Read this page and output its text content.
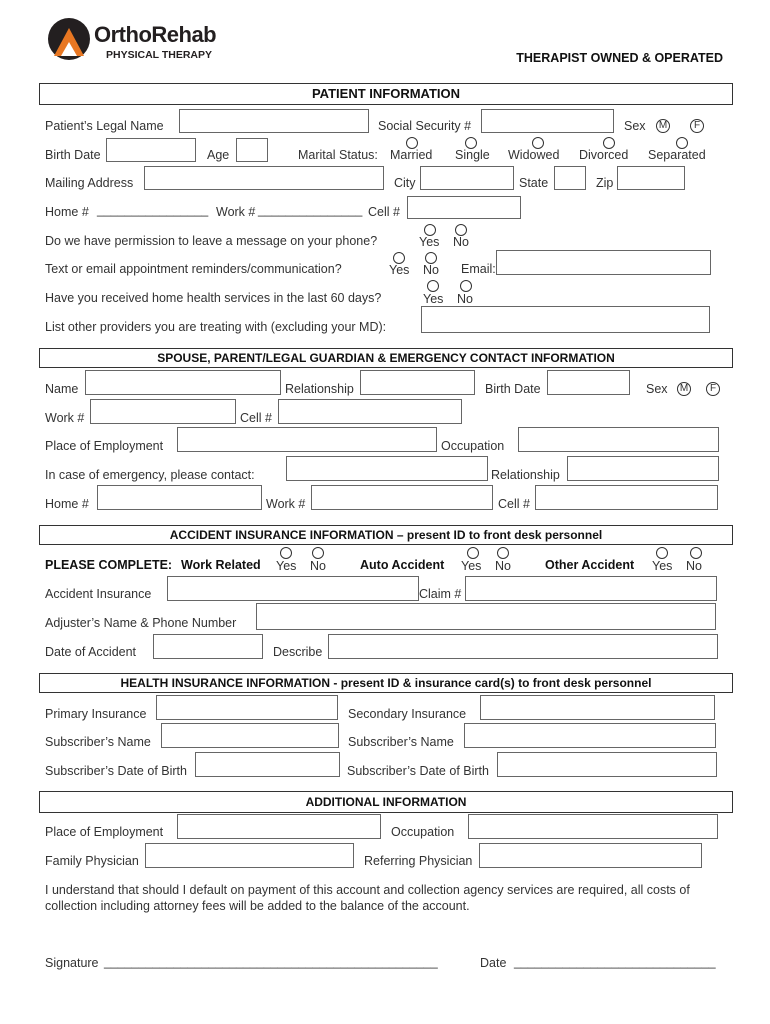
OrthoRehab
PHYSICAL THERAPY	THERAPIST OWNED & OPERATED
PATIENT INFORMATION
Patient’s Legal Name	Social Security #	Sex M	F
Birth Date	Age	Marital Status: Married Single Widowed Divorced Separated
Mailing Address	City	State	Zip
Home # ________________ Work # _______________ Cell #
Do we have permission to leave a message on your phone?	Yes No
Text or email appointment reminders/communication?	Yes No Email:
Have you received home health services in the last 60 days?	Yes No
List other providers you are treating with (excluding your MD):
SPOUSE, PARENT/LEGAL GUARDIAN & EMERGENCY CONTACT INFORMATION
Name	Relationship	Birth Date	Sex M	F
Work #	Cell #
Place of Employment	Occupation
In case of emergency, please contact:	Relationship
Home #	Work #	Cell #
ACCIDENT INSURANCE INFORMATION – present ID to front desk personnel
PLEASE COMPLETE: Work Related Yes No	Auto Accident Yes No	Other Accident Yes No
Accident Insurance	Claim #
Adjuster’s Name & Phone Number
Date of Accident	Describe
HEALTH INSURANCE INFORMATION - present ID & insurance card(s) to front desk personnel
Primary Insurance	Secondary Insurance
Subscriber’s Name	Subscriber’s Name
Subscriber’s Date of Birth	Subscriber’s Date of Birth
ADDITIONAL INFORMATION
Place of Employment	Occupation
Family Physician	Referring Physician
I understand that should I default on payment of this account and collection agency services are required, all costs of collection including attorney fees will be added to the balance of the account.
Signature ________________________________________________	Date _____________________________
